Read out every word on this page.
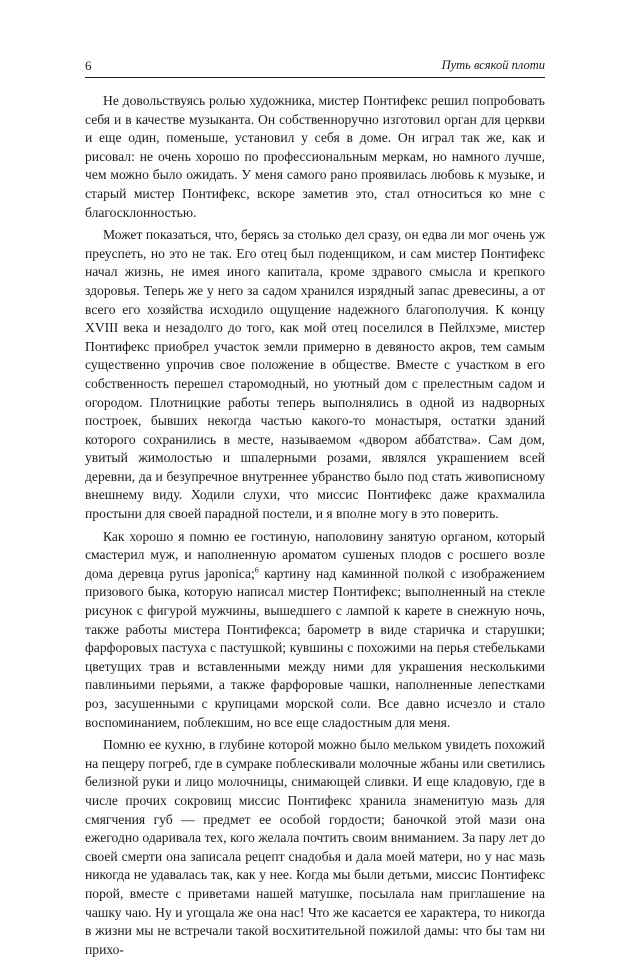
6	Путь всякой плоти

Не довольствуясь ролью художника, мистер Понтифекс решил попробовать себя и в качестве музыканта. Он собственноручно изготовил орган для церкви и еще один, поменьше, установил у себя в доме. Он играл так же, как и рисовал: не очень хорошо по профессиональным меркам, но намного лучше, чем можно было ожидать. У меня самого рано проявилась любовь к музыке, и старый мистер Понтифекс, вскоре заметив это, стал относиться ко мне с благосклонностью.

Может показаться, что, берясь за столько дел сразу, он едва ли мог очень уж преуспеть, но это не так. Его отец был поденщиком, и сам мистер Понтифекс начал жизнь, не имея иного капитала, кроме здравого смысла и крепкого здоровья. Теперь же у него за садом хранился изрядный запас древесины, а от всего его хозяйства исходило ощущение надежного благополучия. К концу XVIII века и незадолго до того, как мой отец поселился в Пейлхэме, мистер Понтифекс приобрел участок земли примерно в девяносто акров, тем самым существенно упрочив свое положение в обществе. Вместе с участком в его собственность перешел старомодный, но уютный дом с прелестным садом и огородом. Плотницкие работы теперь выполнялись в одной из надворных построек, бывших некогда частью какого-то монастыря, остатки зданий которого сохранились в месте, называемом «двором аббатства». Сам дом, увитый жимолостью и шпалерными розами, являлся украшением всей деревни, да и безупречное внутреннее убранство было под стать живописному внешнему виду. Ходили слухи, что миссис Понтифекс даже крахмалила простыни для своей парадной постели, и я вполне могу в это поверить.

Как хорошо я помню ее гостиную, наполовину занятую органом, который смастерил муж, и наполненную ароматом сушеных плодов с росшего возле дома деревца pyrus japonica;$^6$ картину над каминной полкой с изображением призового быка, которую написал мистер Понтифекс; выполненный на стекле рисунок с фигурой мужчины, вышедшего с лампой к карете в снежную ночь, также работы мистера Понтифекса; барометр в виде старичка и старушки; фарфоровых пастуха с пастушкой; кувшины с похожими на перья стебельками цветущих трав и вставленными между ними для украшения несколькими павлиньими перьями, а также фарфоровые чашки, наполненные лепестками роз, засушенными с крупицами морской соли. Все давно исчезло и стало воспоминанием, поблекшим, но все еще сладостным для меня.

Помню ее кухню, в глубине которой можно было мельком увидеть похожий на пещеру погреб, где в сумраке поблескивали молочные жбаны или светились белизной руки и лицо молочницы, снимающей сливки. И еще кладовую, где в числе прочих сокровищ миссис Понтифекс хранила знаменитую мазь для смягчения губ — предмет ее особой гордости; баночкой этой мази она ежегодно одаривала тех, кого желала почтить своим вниманием. За пару лет до своей смерти она записала рецепт снадобья и дала моей матери, но у нас мазь никогда не удавалась так, как у нее. Когда мы были детьми, миссис Понтифекс порой, вместе с приветами нашей матушке, посылала нам приглашение на чашку чаю. Ну и угощала же она нас! Что же касается ее характера, то никогда в жизни мы не встречали такой восхитительной пожилой дамы: что бы там ни прихо-
